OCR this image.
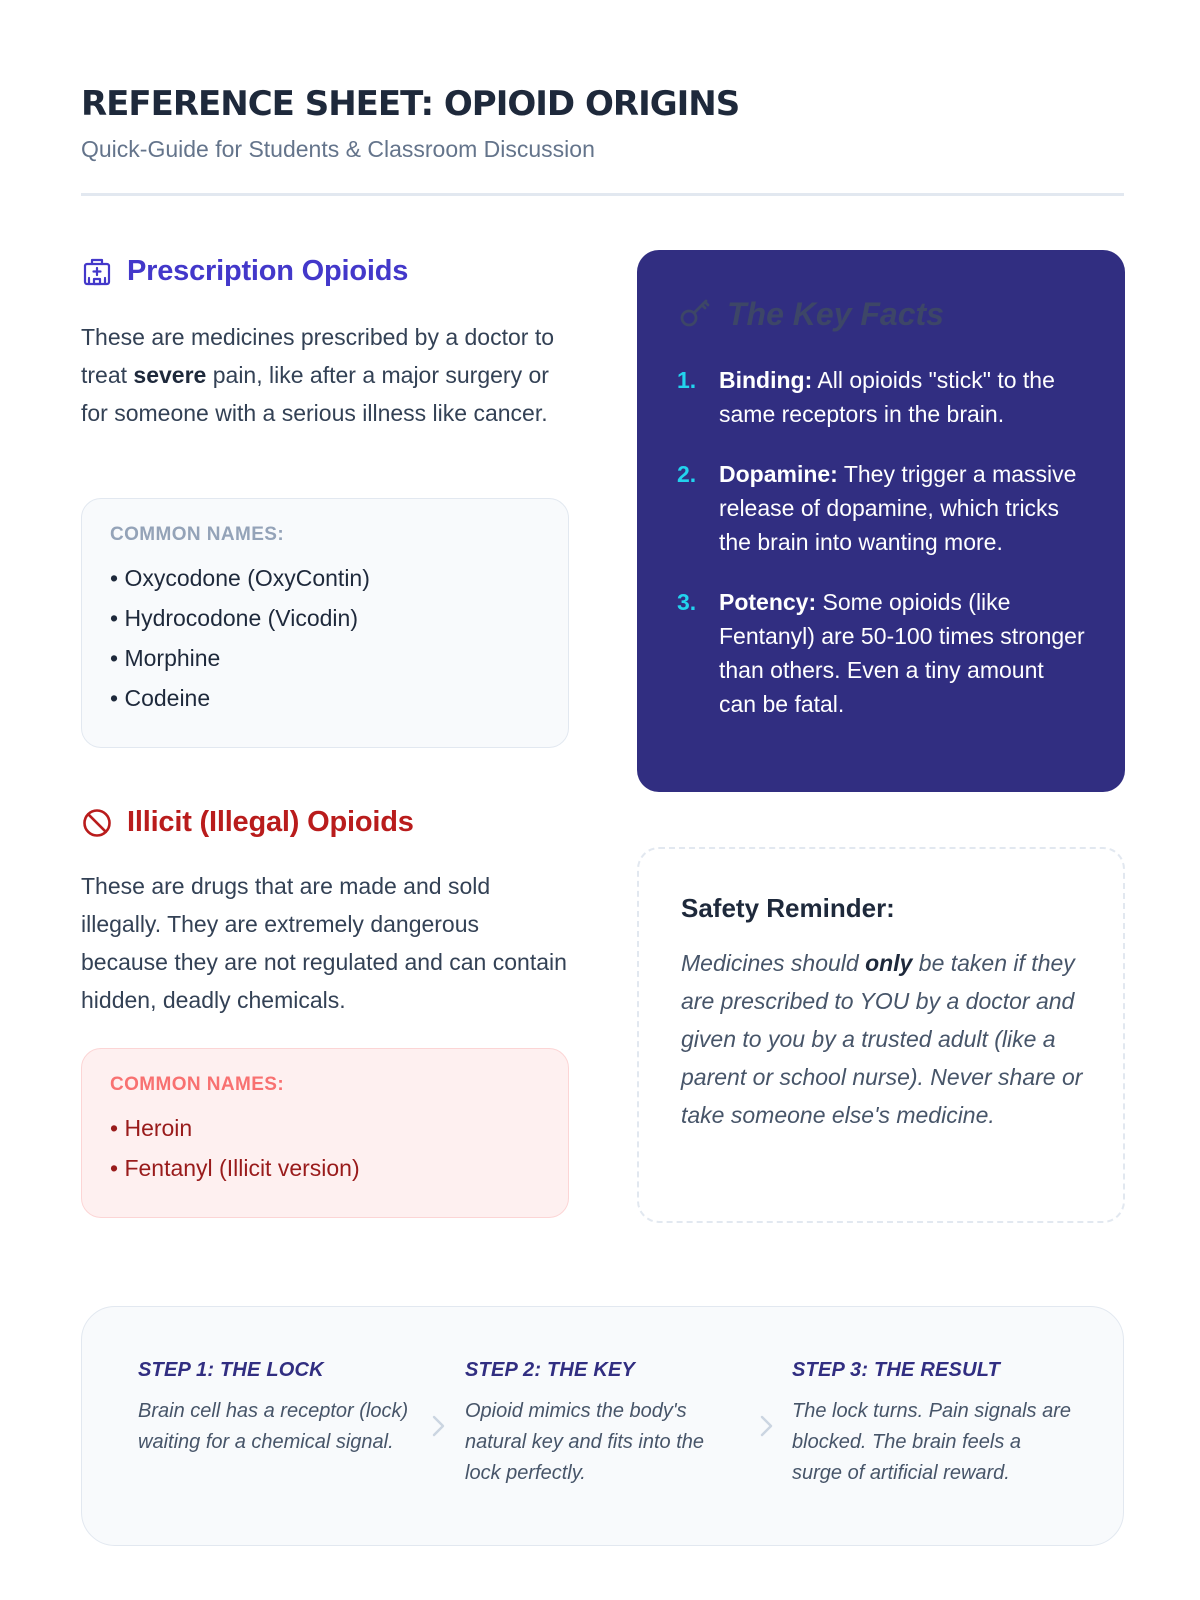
REFERENCE SHEET: OPIOID ORIGINS
Quick-Guide for Students & Classroom Discussion
Prescription Opioids

These are medicines prescribed by a doctor to treat severe pain, like after a major surgery or for someone with a serious illness like cancer.

COMMON NAMES:
• Oxycodone (OxyContin)
• Hydrocodone (Vicodin)
• Morphine
• Codeine
Illicit (Illegal) Opioids

These are drugs that are made and sold illegally. They are extremely dangerous because they are not regulated and can contain hidden, deadly chemicals.

COMMON NAMES:
• Heroin
• Fentanyl (Illicit version)
The Key Facts
1. Binding: All opioids "stick" to the same receptors in the brain.
2. Dopamine: They trigger a massive release of dopamine, which tricks the brain into wanting more.
3. Potency: Some opioids (like Fentanyl) are 50-100 times stronger than others. Even a tiny amount can be fatal.
Safety Reminder:
Medicines should only be taken if they are prescribed to YOU by a doctor and given to you by a trusted adult (like a parent or school nurse). Never share or take someone else's medicine.
STEP 1: THE LOCK
Brain cell has a receptor (lock) waiting for a chemical signal.
STEP 2: THE KEY
Opioid mimics the body's natural key and fits into the lock perfectly.
STEP 3: THE RESULT
The lock turns. Pain signals are blocked. The brain feels a surge of artificial reward.
